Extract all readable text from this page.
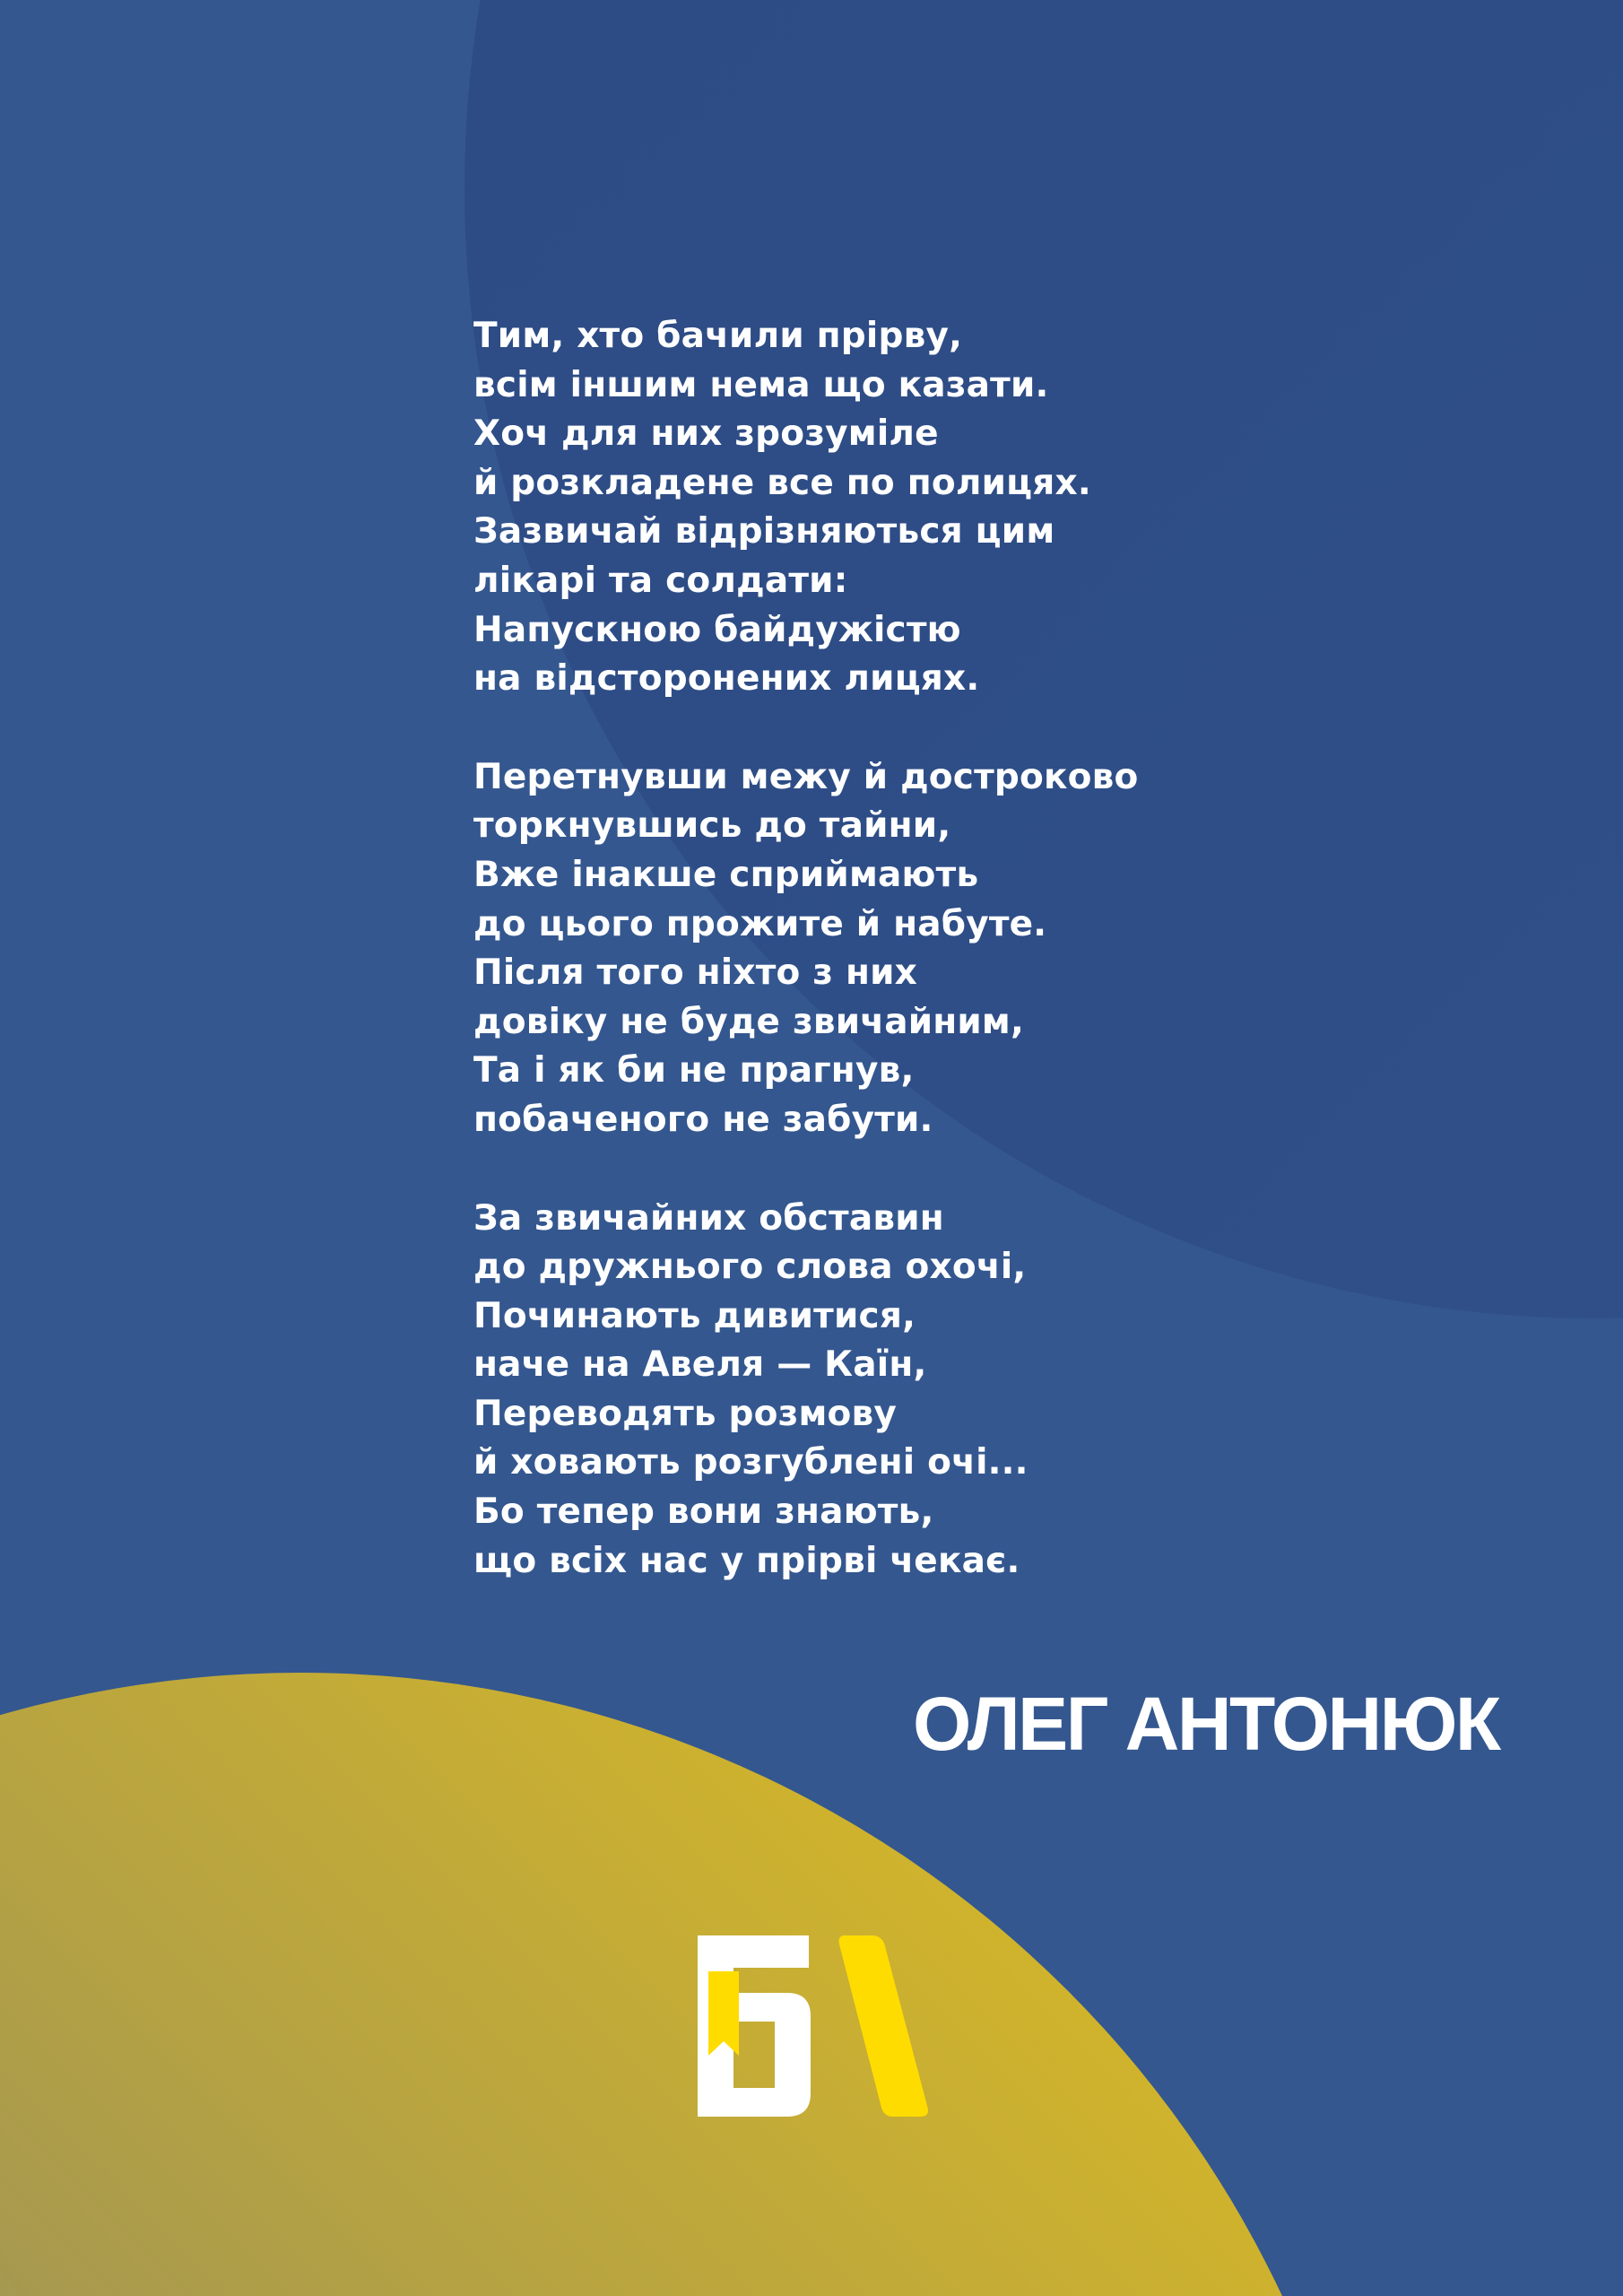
Тим, хто бачили прірву,
всім іншим нема що казати.
Хоч для них зрозуміле
й розкладене все по полицях.
Зазвичай відрізняються цим
лікарі та солдати:
Напускною байдужістю
на відсторонених лицях.
Перетнувши межу й достроково
торкнувшись до тайни,
Вже інакше сприймають
до цього прожите й набуте.
Після того ніхто з них
довіку не буде звичайним,
Та і як би не прагнув,
побаченого не забути.
За звичайних обставин
до дружнього слова охочі,
Починають дивитися,
наче на Авеля — Каїн,
Переводять розмову
й ховають розгублені очі...
Бо тепер вони знають,
що всіх нас у прірві чекає.
ОЛЕГ АНТОНЮК
